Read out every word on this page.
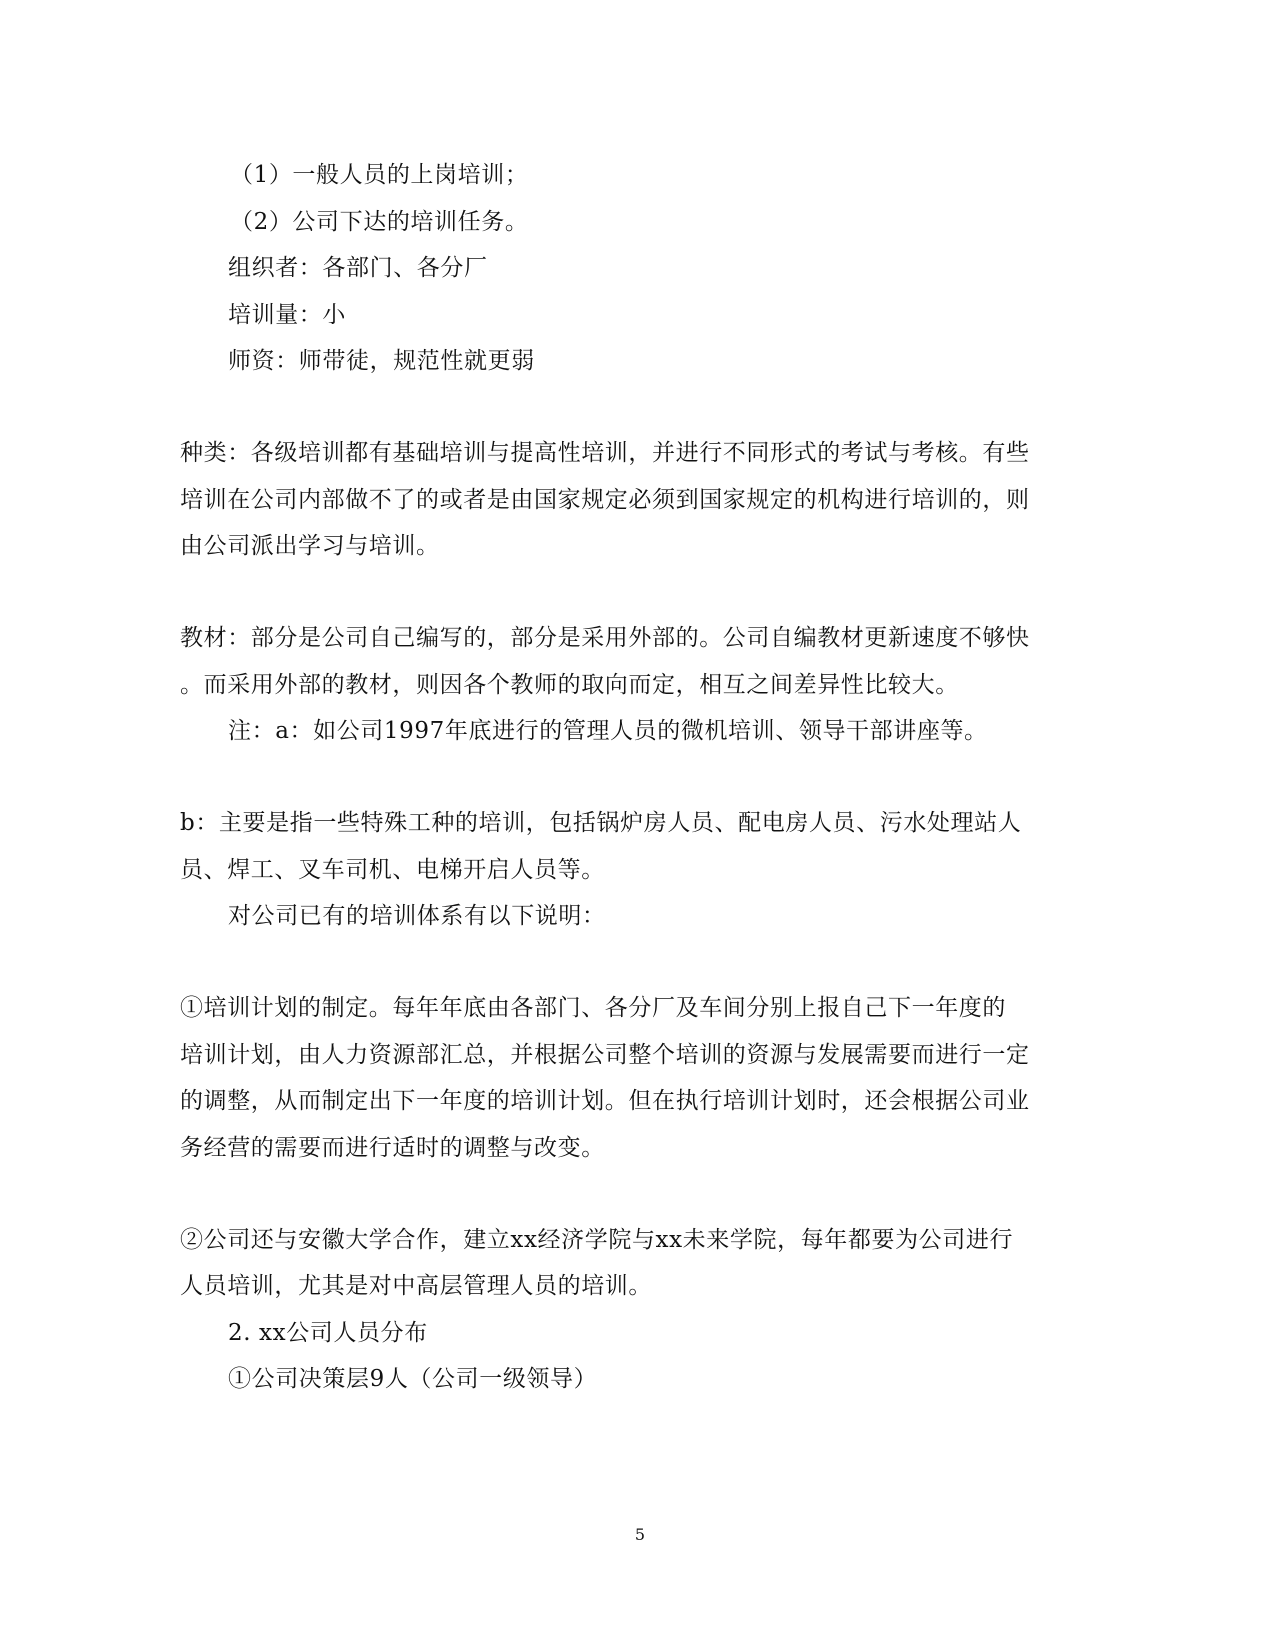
（1）一般人员的上岗培训；
（2）公司下达的培训任务。
组织者：各部门、各分厂
培训量：小
师资：师带徒，规范性就更弱
种类：各级培训都有基础培训与提高性培训，并进行不同形式的考试与考核。有些
培训在公司内部做不了的或者是由国家规定必须到国家规定的机构进行培训的，则
由公司派出学习与培训。
教材：部分是公司自己编写的，部分是采用外部的。公司自编教材更新速度不够快
。而采用外部的教材，则因各个教师的取向而定，相互之间差异性比较大。
注：a：如公司1997年底进行的管理人员的微机培训、领导干部讲座等。
b：主要是指一些特殊工种的培训，包括锅炉房人员、配电房人员、污水处理站人
员、焊工、叉车司机、电梯开启人员等。
对公司已有的培训体系有以下说明：
①培训计划的制定。每年年底由各部门、各分厂及车间分别上报自己下一年度的
培训计划，由人力资源部汇总，并根据公司整个培训的资源与发展需要而进行一定
的调整，从而制定出下一年度的培训计划。但在执行培训计划时，还会根据公司业
务经营的需要而进行适时的调整与改变。
②公司还与安徽大学合作，建立xx经济学院与xx未来学院，每年都要为公司进行
人员培训，尤其是对中高层管理人员的培训。
2. xx公司人员分布
①公司决策层9人（公司一级领导）
5
